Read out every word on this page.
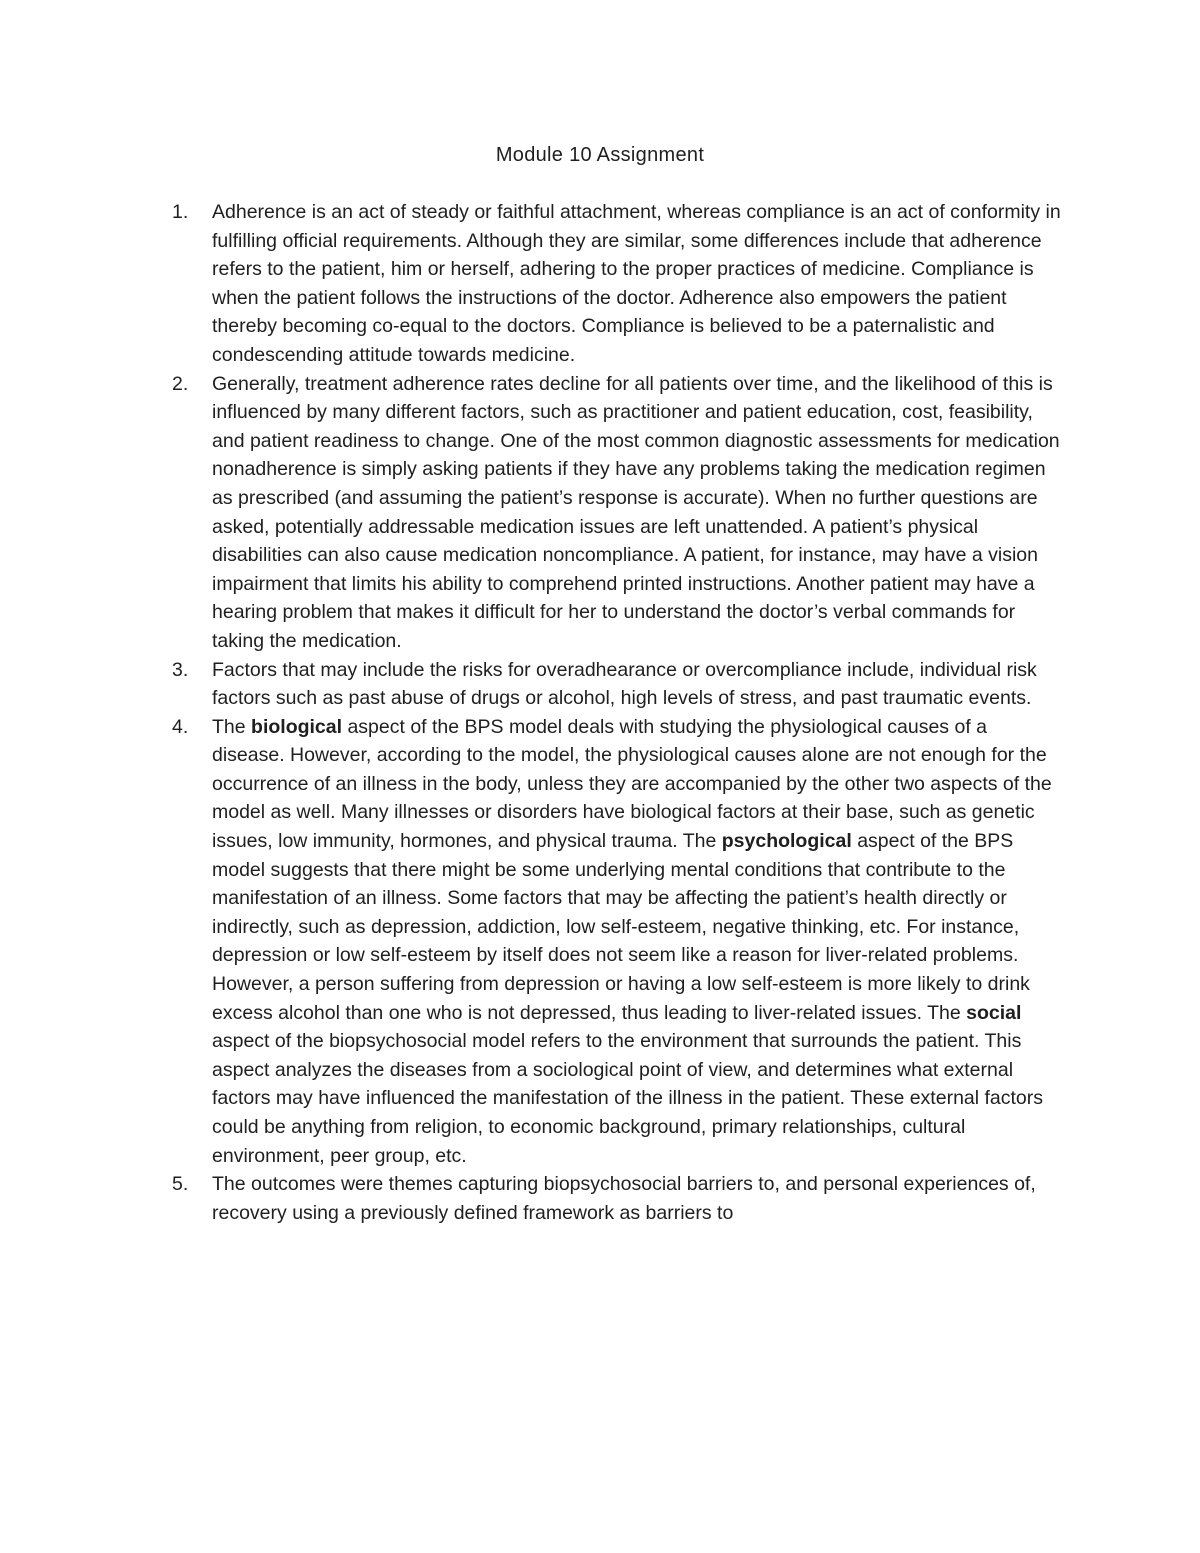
Module 10 Assignment
1. Adherence is an act of steady or faithful attachment, whereas compliance is an act of conformity in fulfilling official requirements. Although they are similar, some differences include that adherence refers to the patient, him or herself, adhering to the proper practices of medicine. Compliance is when the patient follows the instructions of the doctor. Adherence also empowers the patient thereby becoming co-equal to the doctors. Compliance is believed to be a paternalistic and condescending attitude towards medicine.
2. Generally, treatment adherence rates decline for all patients over time, and the likelihood of this is influenced by many different factors, such as practitioner and patient education, cost, feasibility, and patient readiness to change. One of the most common diagnostic assessments for medication nonadherence is simply asking patients if they have any problems taking the medication regimen as prescribed (and assuming the patient’s response is accurate). When no further questions are asked, potentially addressable medication issues are left unattended. A patient’s physical disabilities can also cause medication noncompliance. A patient, for instance, may have a vision impairment that limits his ability to comprehend printed instructions. Another patient may have a hearing problem that makes it difficult for her to understand the doctor’s verbal commands for taking the medication.
3. Factors that may include the risks for overadhearance or overcompliance include, individual risk factors such as past abuse of drugs or alcohol, high levels of stress, and past traumatic events.
4. The biological aspect of the BPS model deals with studying the physiological causes of a disease. However, according to the model, the physiological causes alone are not enough for the occurrence of an illness in the body, unless they are accompanied by the other two aspects of the model as well. Many illnesses or disorders have biological factors at their base, such as genetic issues, low immunity, hormones, and physical trauma. The psychological aspect of the BPS model suggests that there might be some underlying mental conditions that contribute to the manifestation of an illness. Some factors that may be affecting the patient’s health directly or indirectly, such as depression, addiction, low self-esteem, negative thinking, etc. For instance, depression or low self-esteem by itself does not seem like a reason for liver-related problems. However, a person suffering from depression or having a low self-esteem is more likely to drink excess alcohol than one who is not depressed, thus leading to liver-related issues. The social aspect of the biopsychosocial model refers to the environment that surrounds the patient. This aspect analyzes the diseases from a sociological point of view, and determines what external factors may have influenced the manifestation of the illness in the patient. These external factors could be anything from religion, to economic background, primary relationships, cultural environment, peer group, etc.
5. The outcomes were themes capturing biopsychosocial barriers to, and personal experiences of, recovery using a previously defined framework as barriers to
